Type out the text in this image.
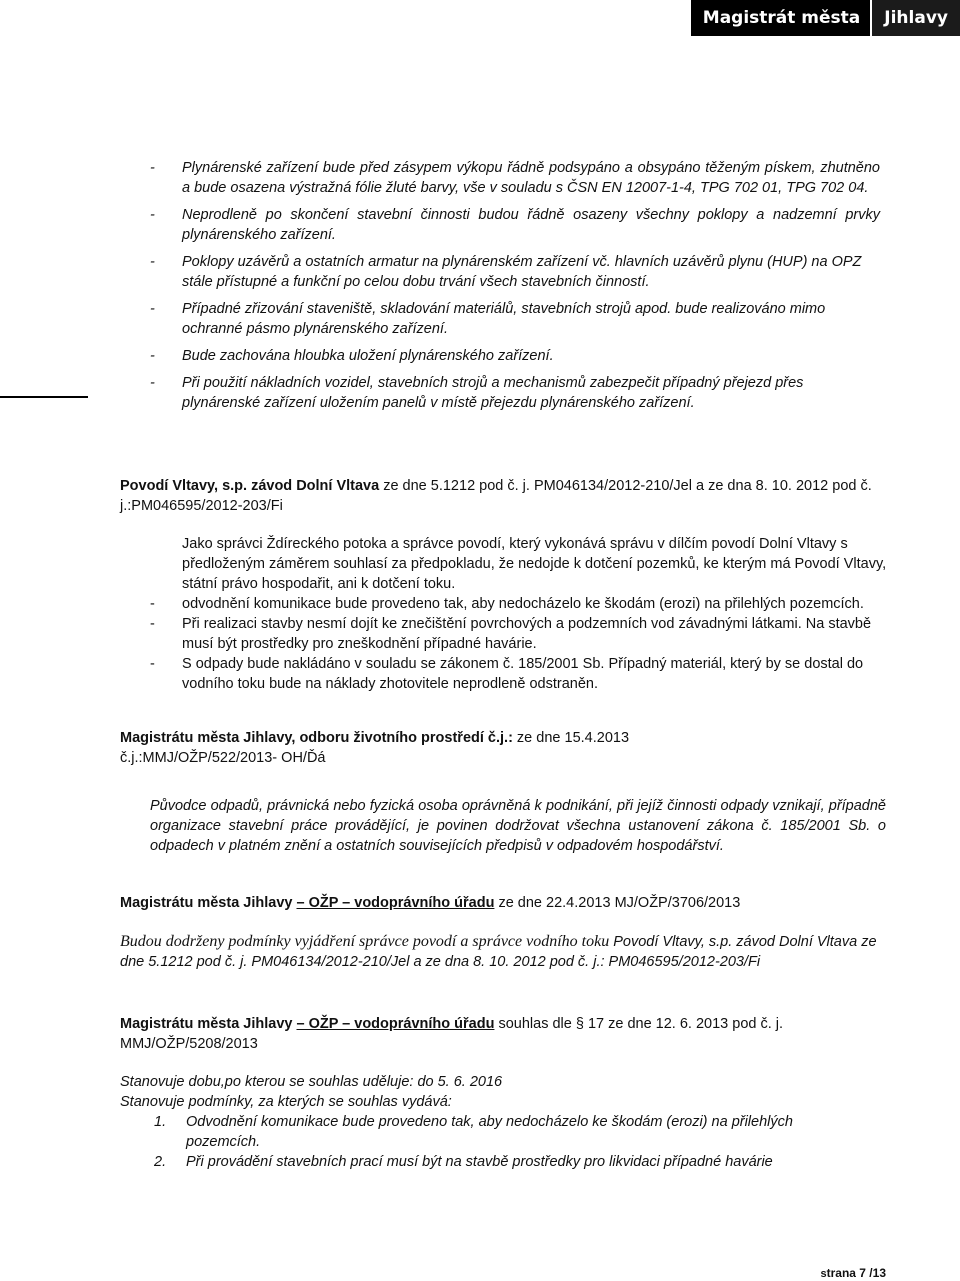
Magistrát města	Jihlavy
- Plynárenské zařízení bude před zásypem výkopu řádně podsypáno a obsypáno těženým pískem, zhutněno a bude osazena výstražná fólie žluté barvy, vše v souladu s ČSN EN 12007-1-4, TPG 702 01, TPG 702 04.
- Neprodleně po skončení stavební činnosti budou řádně osazeny všechny poklopy a nadzemní prvky plynárenského zařízení.
- Poklopy uzávěrů a ostatních armatur na plynárenském zařízení vč. hlavních uzávěrů plynu (HUP) na OPZ stále přístupné a funkční po celou dobu trvání všech stavebních činností.
- Případné zřizování staveniště, skladování materiálů, stavebních strojů apod. bude realizováno mimo ochranné pásmo plynárenského zařízení.
- Bude zachována hloubka uložení plynárenského zařízení.
- Při použití nákladních vozidel, stavebních strojů a mechanismů zabezpečit případný přejezd přes plynárenské zařízení uložením panelů v místě přejezdu plynárenského zařízení.
Povodí Vltavy, s.p. závod Dolní Vltava ze dne 5.1212 pod č. j. PM046134/2012-210/Jel a ze dna 8. 10. 2012 pod č. j.:PM046595/2012-203/Fi

Jako správci Ždíreckého potoka a správce povodí, který vykonává správu v dílčím povodí Dolní Vltavy s předloženým záměrem souhlasí za předpokladu, že nedojde k dotčení pozemků, ke kterým má Povodí Vltavy, státní právo hospodařit, ani k dotčení toku.

- odvodnění komunikace bude provedeno tak, aby nedocházelo ke škodám (erozi) na přilehlých pozemcích.
- Při realizaci stavby nesmí dojít ke znečištění povrchových a podzemních vod závadnými látkami. Na stavbě musí být prostředky pro zneškodnění případné havárie.
- S odpady bude nakládáno v souladu se zákonem č. 185/2001 Sb. Případný materiál, který by se dostal do vodního toku bude na náklady zhotovitele neprodleně odstraněn.
Magistrátu města Jihlavy, odboru životního prostředí č.j.: ze dne 15.4.2013 č.j.:MMJ/OŽP/522/2013- OH/Ďá
Původce odpadů, právnická nebo fyzická osoba oprávněná k podnikání, při jejíž činnosti odpady vznikají, případně organizace stavební práce provádějící, je povinen dodržovat všechna ustanovení zákona č. 185/2001 Sb. o odpadech v platném znění a ostatních souvisejících předpisů v odpadovém hospodářství.
Magistrátu města Jihlavy – OŽP – vodoprávního úřadu ze dne 22.4.2013 MJ/OŽP/3706/2013
Budou dodrženy podmínky vyjádření správce povodí a správce vodního toku Povodí Vltavy, s.p. závod Dolní Vltava ze dne 5.1212 pod č. j. PM046134/2012-210/Jel a ze dna 8. 10. 2012 pod č. j.: PM046595/2012-203/Fi
Magistrátu města Jihlavy – OŽP – vodoprávního úřadu souhlas dle § 17 ze dne 12. 6. 2013 pod č. j. MMJ/OŽP/5208/2013

Stanovuje dobu,po kterou se souhlas uděluje: do 5. 6. 2016

Stanovuje podmínky, za kterých se souhlas vydává:

1. Odvodnění komunikace bude provedeno tak, aby nedocházelo ke škodám (erozi) na přilehlých pozemcích.
2. Při provádění stavebních prací musí být na stavbě prostředky pro likvidaci případné havárie
strana 7 /13
